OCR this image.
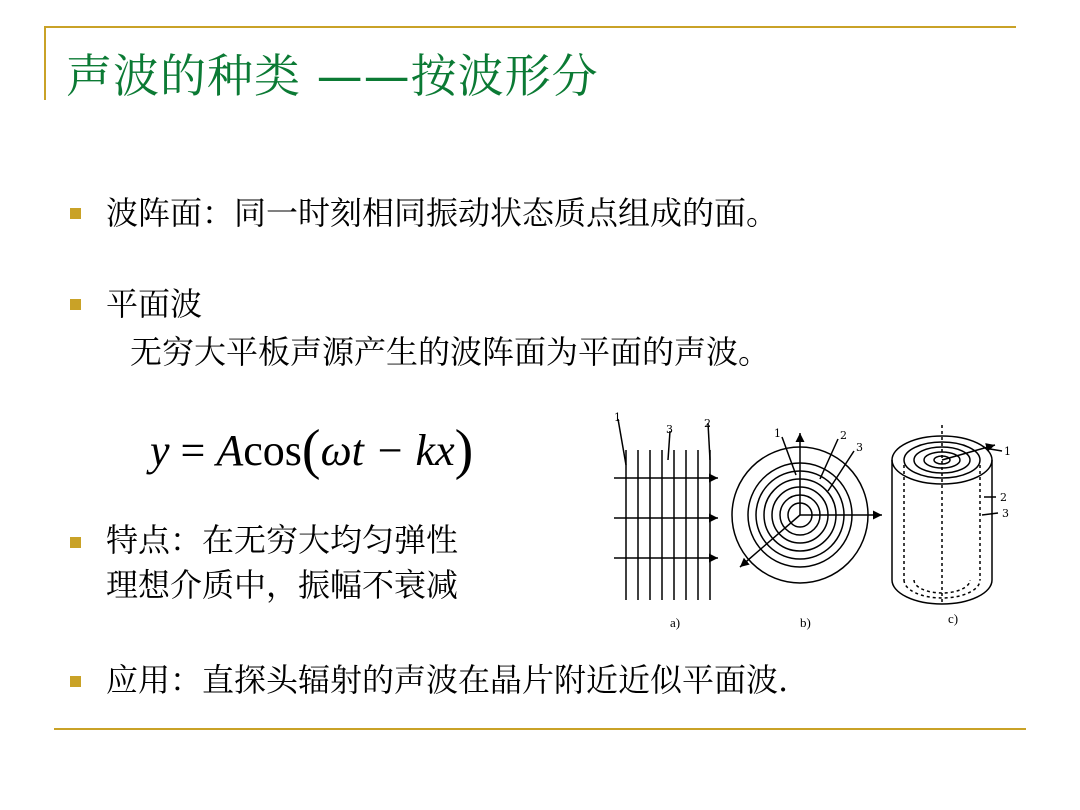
声波的种类 ——按波形分
波阵面：同一时刻相同振动状态质点组成的面。
平面波
无穷大平板声源产生的波阵面为平面的声波。
y = Acos(ωt − kx)
特点：在无穷大均匀弹性
理想介质中，振幅不衰减
应用：直探头辐射的声波在晶片附近近似平面波.
1
3	2
a)
1	2
3
b)
1
2
3
c)
